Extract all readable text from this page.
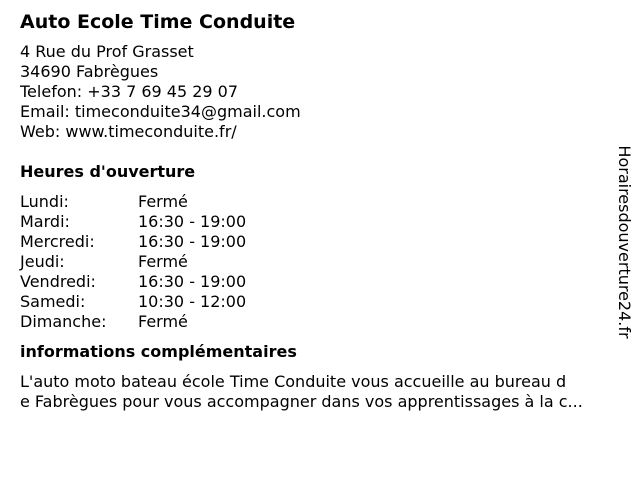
Auto Ecole Time Conduite
4 Rue du Prof Grasset
34690 Fabrègues
Telefon: +33 7 69 45 29 07
Email: timeconduite34@gmail.com
Web: www.timeconduite.fr/
Heures d'ouverture
Lundi:	Fermé
Mardi:	16:30 - 19:00
Mercredi:	16:30 - 19:00
Jeudi:	Fermé
Vendredi:	16:30 - 19:00
Samedi:	10:30 - 12:00
Dimanche:	Fermé
informations complémentaires
L'auto moto bateau école Time Conduite vous accueille au bureau d
e Fabrègues pour vous accompagner dans vos apprentissages à la c...
Horairesdouverture24.fr
